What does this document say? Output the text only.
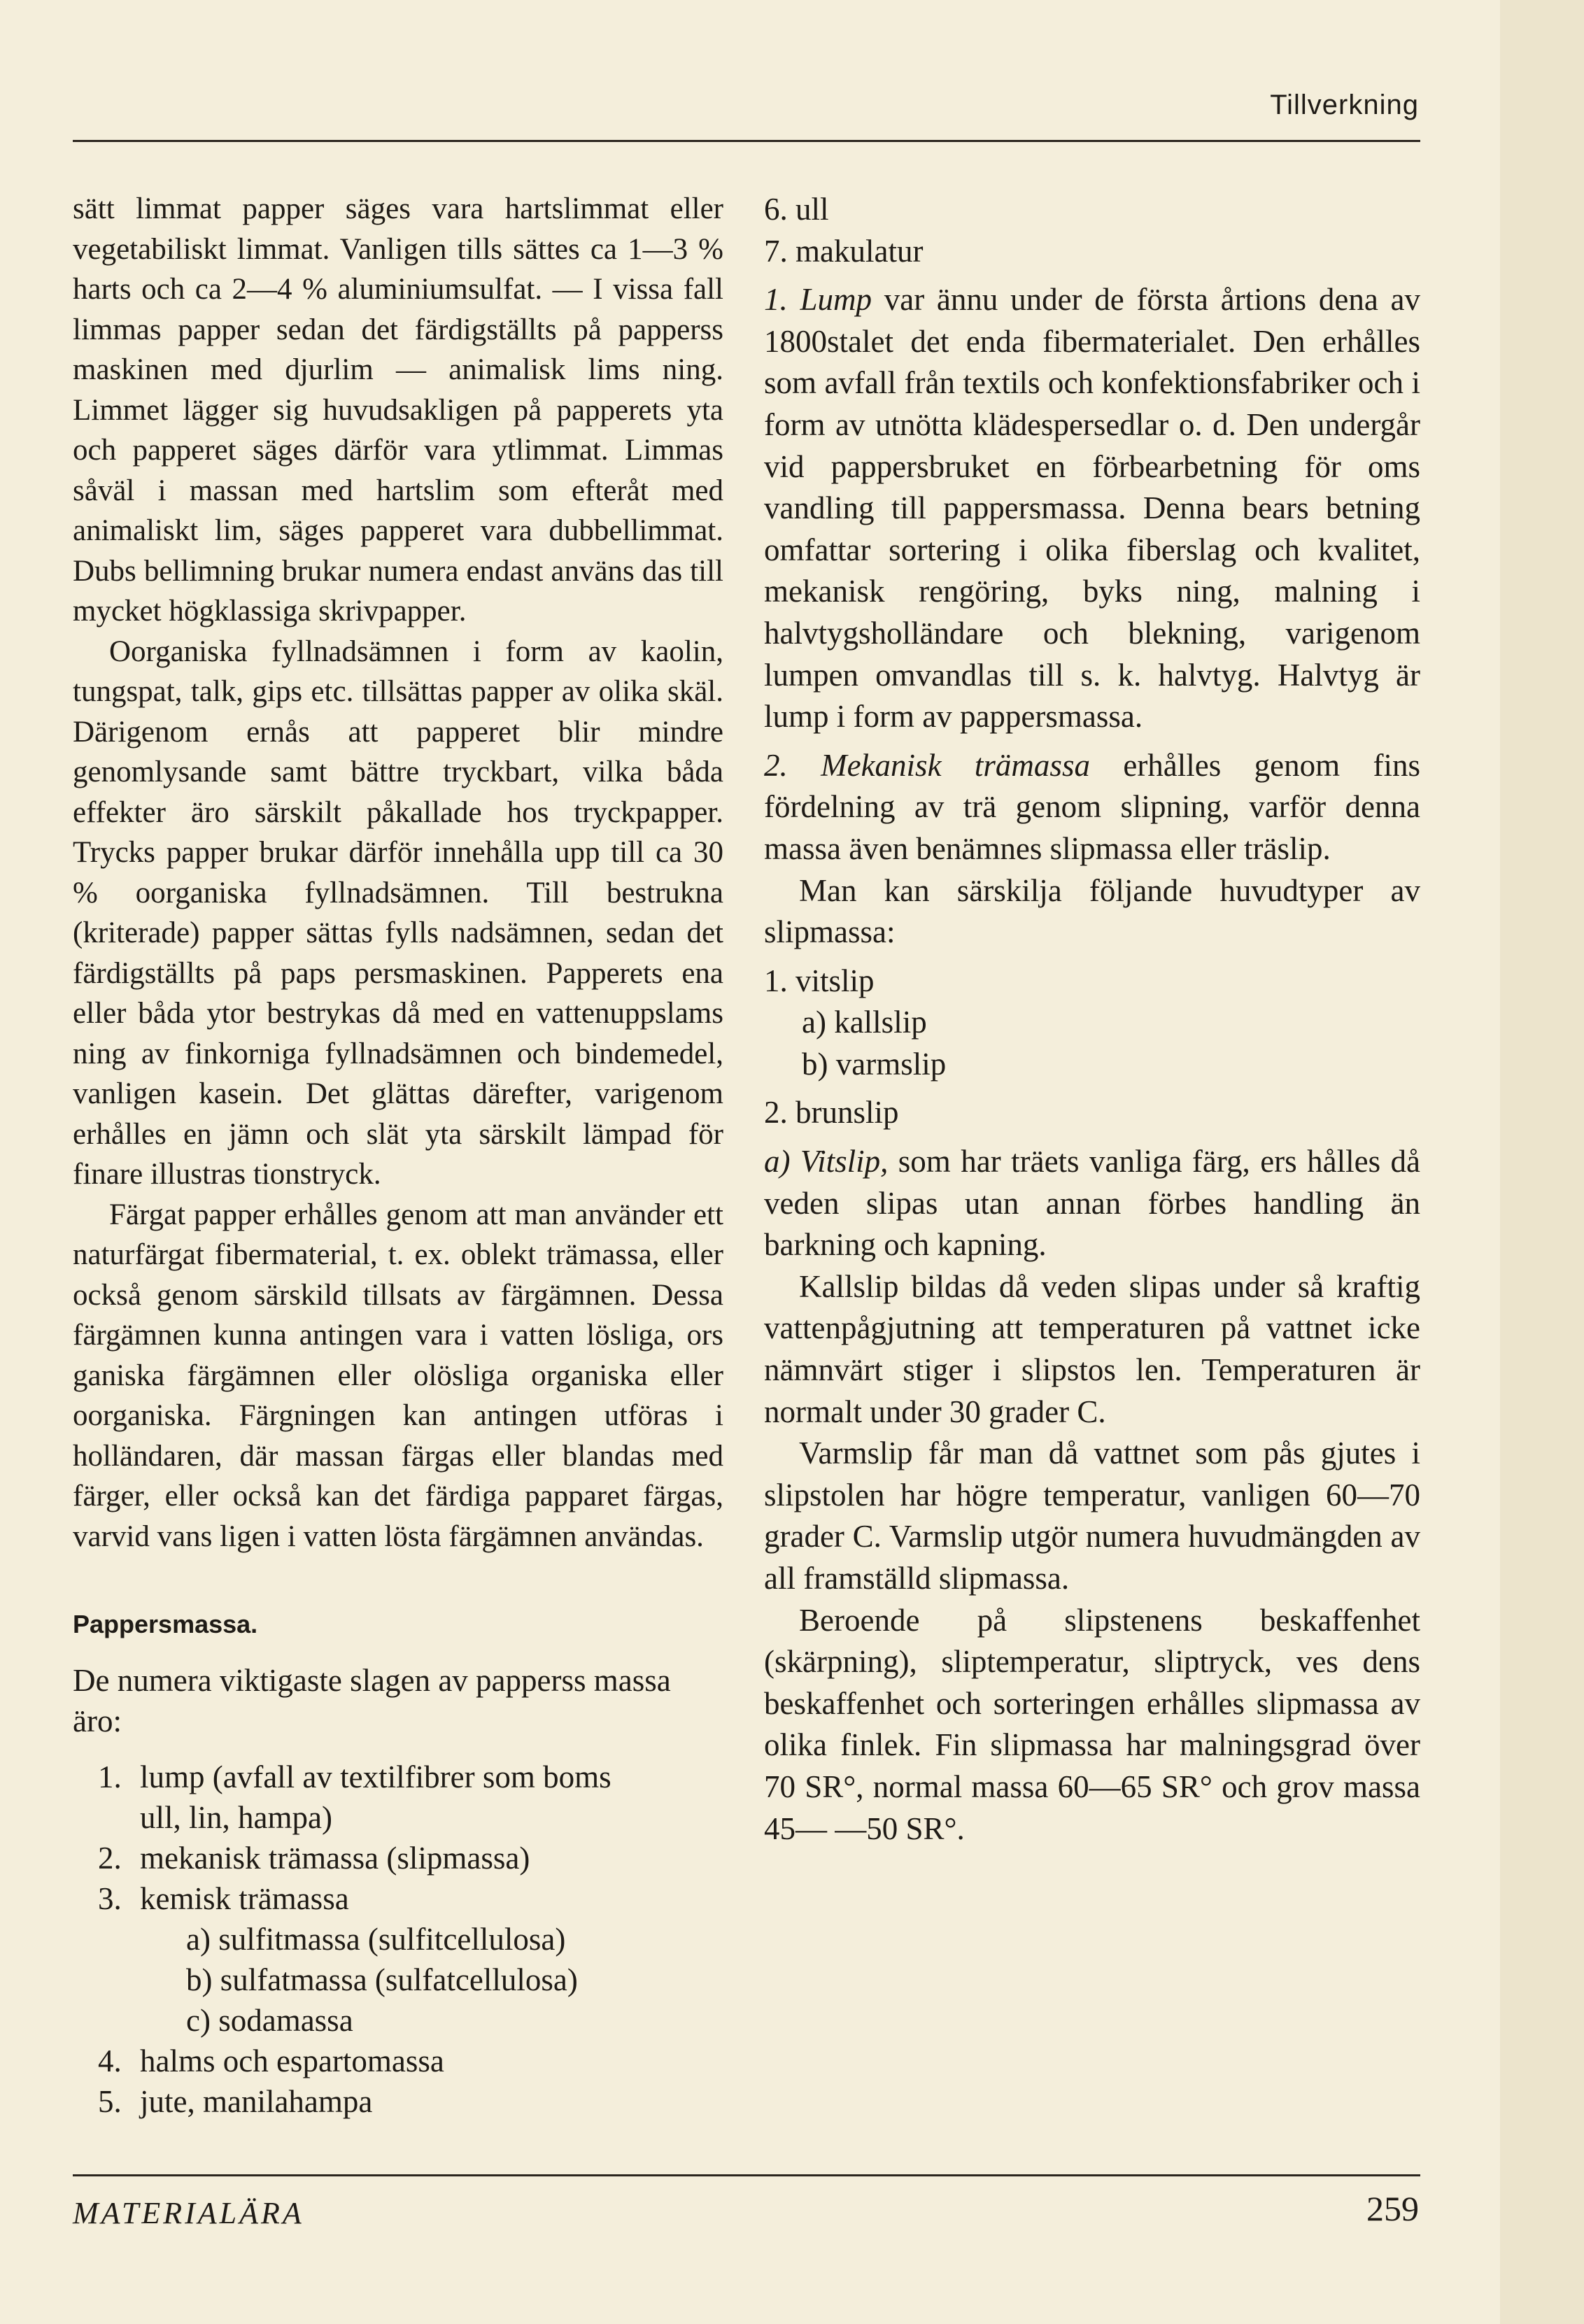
Tillverkning

sätt limmat papper säges vara hartslimmat eller vegetabiliskt limmat. Vanligen tills sättes ca 1—3 % harts och ca 2—4 % aluminiumsulfat. — I vissa fall limmas papper sedan det färdigställts på papperss maskinen med djurlim — animalisk lims ning. Limmet lägger sig huvudsakligen på papperets yta och papperet säges därför vara ytlimmat. Limmas såväl i massan med hartslim som efteråt med animaliskt lim, säges papperet vara dubbellimmat. Dubs bellimning brukar numera endast använs das till mycket högklassiga skrivpapper.

Oorganiska fyllnadsämnen i form av kaolin, tungspat, talk, gips etc. tillsättas papper av olika skäl. Därigenom ernås att papperet blir mindre genomlysande samt bättre tryckbart, vilka båda effekter äro särskilt påkallade hos tryckpapper. Trycks papper brukar därför innehålla upp till ca 30 % oorganiska fyllnadsämnen. Till bestrukna (kriterade) papper sättas fylls nadsämnen, sedan det färdigställts på paps persmaskinen. Papperets ena eller båda ytor bestrykas då med en vattenuppslams ning av finkorniga fyllnadsämnen och bindemedel, vanligen kasein. Det glättas därefter, varigenom erhålles en jämn och slät yta särskilt lämpad för finare illustras tionstryck.

Färgat papper erhålles genom att man använder ett naturfärgat fibermaterial, t. ex. oblekt trämassa, eller också genom särskild tillsats av färgämnen. Dessa färgämnen kunna antingen vara i vatten lösliga, ors ganiska färgämnen eller olösliga organiska eller oorganiska. Färgningen kan antingen utföras i holländaren, där massan färgas eller blandas med färger, eller också kan det färdiga papparet färgas, varvid vans ligen i vatten lösta färgämnen användas.

Pappersmassa.

De numera viktigaste slagen av papperss massa äro:

1. lump (avfall av textilfibrer som boms
ull, lin, hampa)
2. mekanisk trämassa (slipmassa)
3. kemisk trämassa
a) sulfitmassa (sulfitcellulosa)
b) sulfatmassa (sulfatcellulosa)
c) sodamassa
4. halms och espartomassa
5. jute, manilahampa
6. ull
7. makulatur

1. Lump var ännu under de första årtions dena av 1800stalet det enda fibermaterialet. Den erhålles som avfall från textils och konfektionsfabriker och i form av utnötta klädespersedlar o. d. Den undergår vid pappersbruket en förbearbetning för oms vandling till pappersmassa. Denna bears betning omfattar sortering i olika fiberslag och kvalitet, mekanisk rengöring, byks ning, malning i halvtygsholländare och blekning, varigenom lumpen omvandlas till s. k. halvtyg. Halvtyg är lump i form av pappersmassa.

2. Mekanisk trämassa erhålles genom fins fördelning av trä genom slipning, varför denna massa även benämnes slipmassa eller träslip.

Man kan särskilja följande huvudtyper av slipmassa:

1. vitslip
a) kallslip
b) varmslip
2. brunslip

a) Vitslip, som har träets vanliga färg, ers hålles då veden slipas utan annan förbes handling än barkning och kapning.

Kallslip bildas då veden slipas under så kraftig vattenpågjutning att temperaturen på vattnet icke nämnvärt stiger i slipstos len. Temperaturen är normalt under 30 grader C.

Varmslip får man då vattnet som pås gjutes i slipstolen har högre temperatur, vanligen 60—70 grader C. Varmslip utgör numera huvudmängden av all framställd slipmassa.

Beroende på slipstenens beskaffenhet (skärpning), sliptemperatur, sliptryck, ves dens beskaffenhet och sorteringen erhålles slipmassa av olika finlek. Fin slipmassa har malningsgrad över 70 SR°, normal massa 60—65 SR° och grov massa 45— —50 SR°.

MATERIALÄRA	259
